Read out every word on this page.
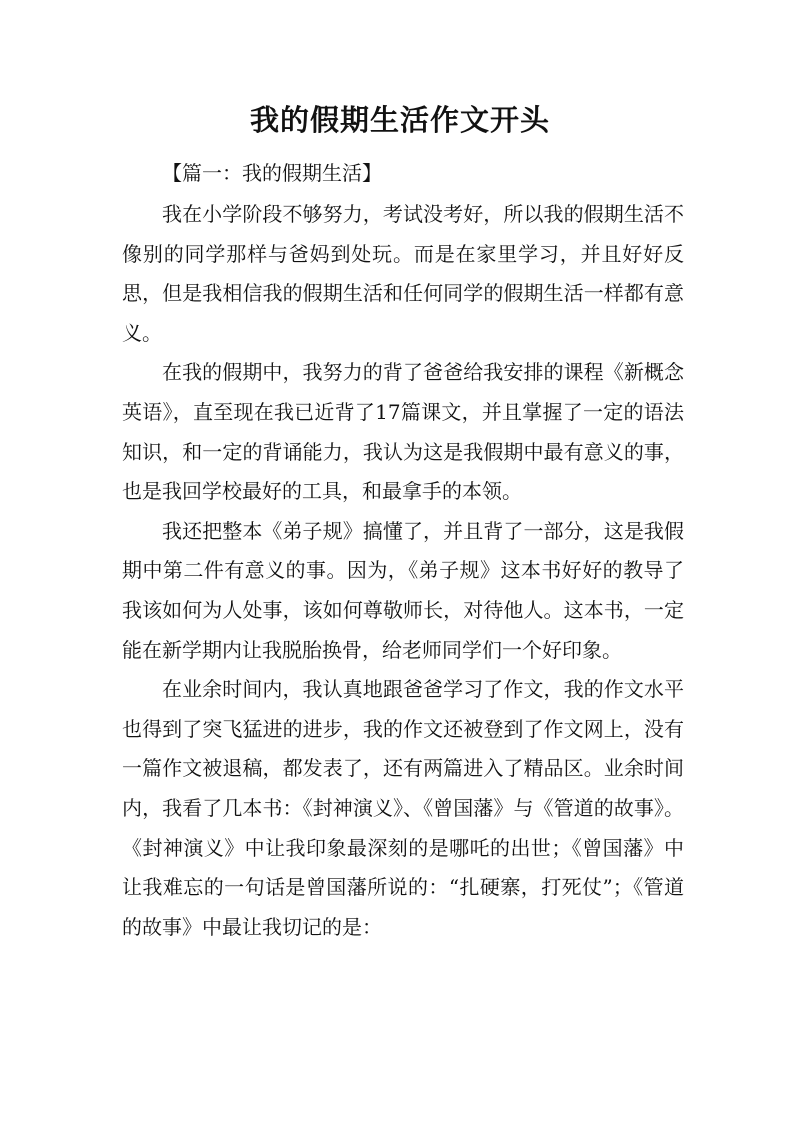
我的假期生活作文开头

【篇一：我的假期生活】

我在小学阶段不够努力，考试没考好，所以我的假期生活不像别的同学那样与爸妈到处玩。而是在家里学习，并且好好反思，但是我相信我的假期生活和任何同学的假期生活一样都有意义。

在我的假期中，我努力的背了爸爸给我安排的课程《新概念英语》，直至现在我已近背了17篇课文，并且掌握了一定的语法知识，和一定的背诵能力，我认为这是我假期中最有意义的事，也是我回学校最好的工具，和最拿手的本领。

我还把整本《弟子规》搞懂了，并且背了一部分，这是我假期中第二件有意义的事。因为，《弟子规》这本书好好的教导了我该如何为人处事，该如何尊敬师长，对待他人。这本书，一定能在新学期内让我脱胎换骨，给老师同学们一个好印象。

在业余时间内，我认真地跟爸爸学习了作文，我的作文水平也得到了突飞猛进的进步，我的作文还被登到了作文网上，没有一篇作文被退稿，都发表了，还有两篇进入了精品区。业余时间内，我看了几本书：《封神演义》、《曾国藩》与《管道的故事》。《封神演义》中让我印象最深刻的是哪吒的出世；《曾国藩》中让我难忘的一句话是曾国藩所说的：“扎硬寨，打死仗”；《管道的故事》中最让我切记的是：
